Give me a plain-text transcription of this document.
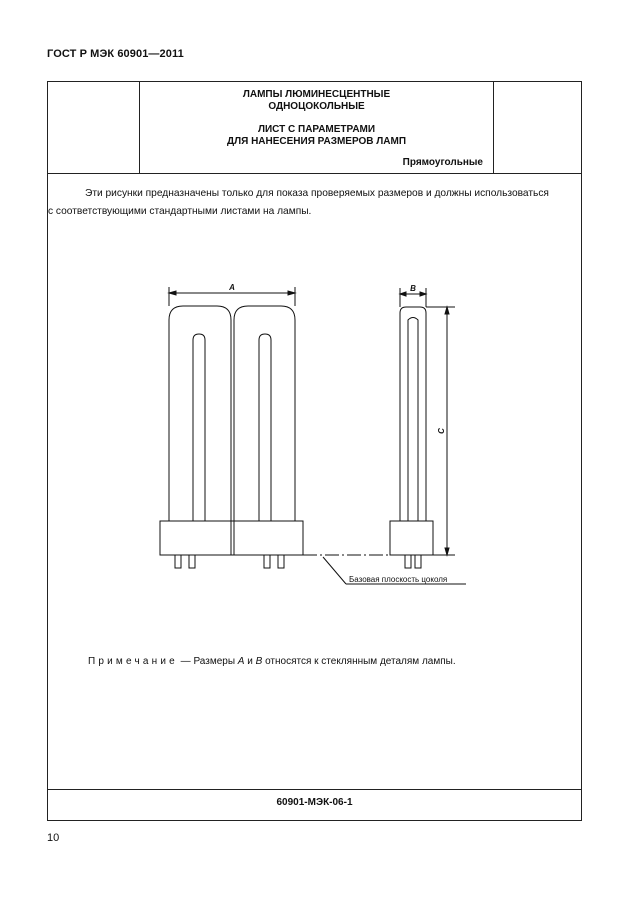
ГОСТ Р МЭК 60901—2011
ЛАМПЫ ЛЮМИНЕСЦЕНТНЫЕ
ОДНОЦОКОЛЬНЫЕ
ЛИСТ С ПАРАМЕТРАМИ
ДЛЯ НАНЕСЕНИЯ РАЗМЕРОВ ЛАМП
Прямоугольные
Эти рисунки предназначены только для показа проверяемых размеров и должны использоваться
с соответствующими стандартными листами на лампы.
Примечание — Размеры А и В относятся к стеклянным деталям лампы.
60901-МЭК-06-1
10
A	B
C
Базовая плоскость цоколя
